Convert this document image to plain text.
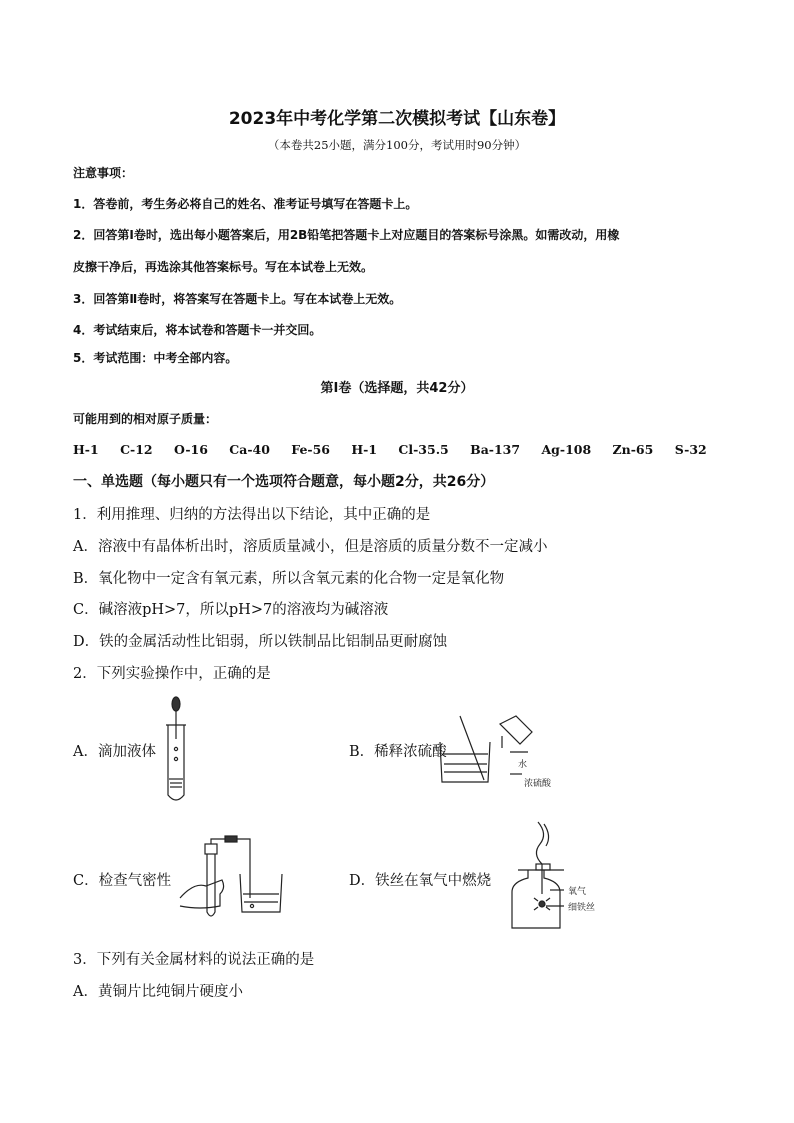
2023年中考化学第二次模拟考试【山东卷】
（本卷共25小题，满分100分，考试用时90分钟）
注意事项：
1．答卷前，考生务必将自己的姓名、准考证号填写在答题卡上。
2．回答第Ⅰ卷时，选出每小题答案后，用2B铅笔把答题卡上对应题目的答案标号涂黑。如需改动，用橡
皮擦干净后，再选涂其他答案标号。写在本试卷上无效。
3．回答第Ⅱ卷时，将答案写在答题卡上。写在本试卷上无效。
4．考试结束后，将本试卷和答题卡一并交回。
5．考试范围：中考全部内容。
第Ⅰ卷（选择题，共42分）
可能用到的相对原子质量：
H-1 C-12 O-16 Ca-40 Fe-56 H-1 Cl-35.5 Ba-137 Ag-108 Zn-65 S-32
一、单选题（每小题只有一个选项符合题意，每小题2分，共26分）
1．利用推理、归纳的方法得出以下结论，其中正确的是
A．溶液中有晶体析出时，溶质质量减小，但是溶质的质量分数不一定减小
B．氧化物中一定含有氧元素，所以含氧元素的化合物一定是氧化物
C．碱溶液pH>7，所以pH>7的溶液均为碱溶液
D．铁的金属活动性比铝弱，所以铁制品比铝制品更耐腐蚀
2．下列实验操作中，正确的是
A．滴加液体	B．稀释浓硫酸
C．检查气密性	D．铁丝在氧气中燃烧
水
浓硫酸
氧气
细铁丝
3．下列有关金属材料的说法正确的是
A．黄铜片比纯铜片硬度小
